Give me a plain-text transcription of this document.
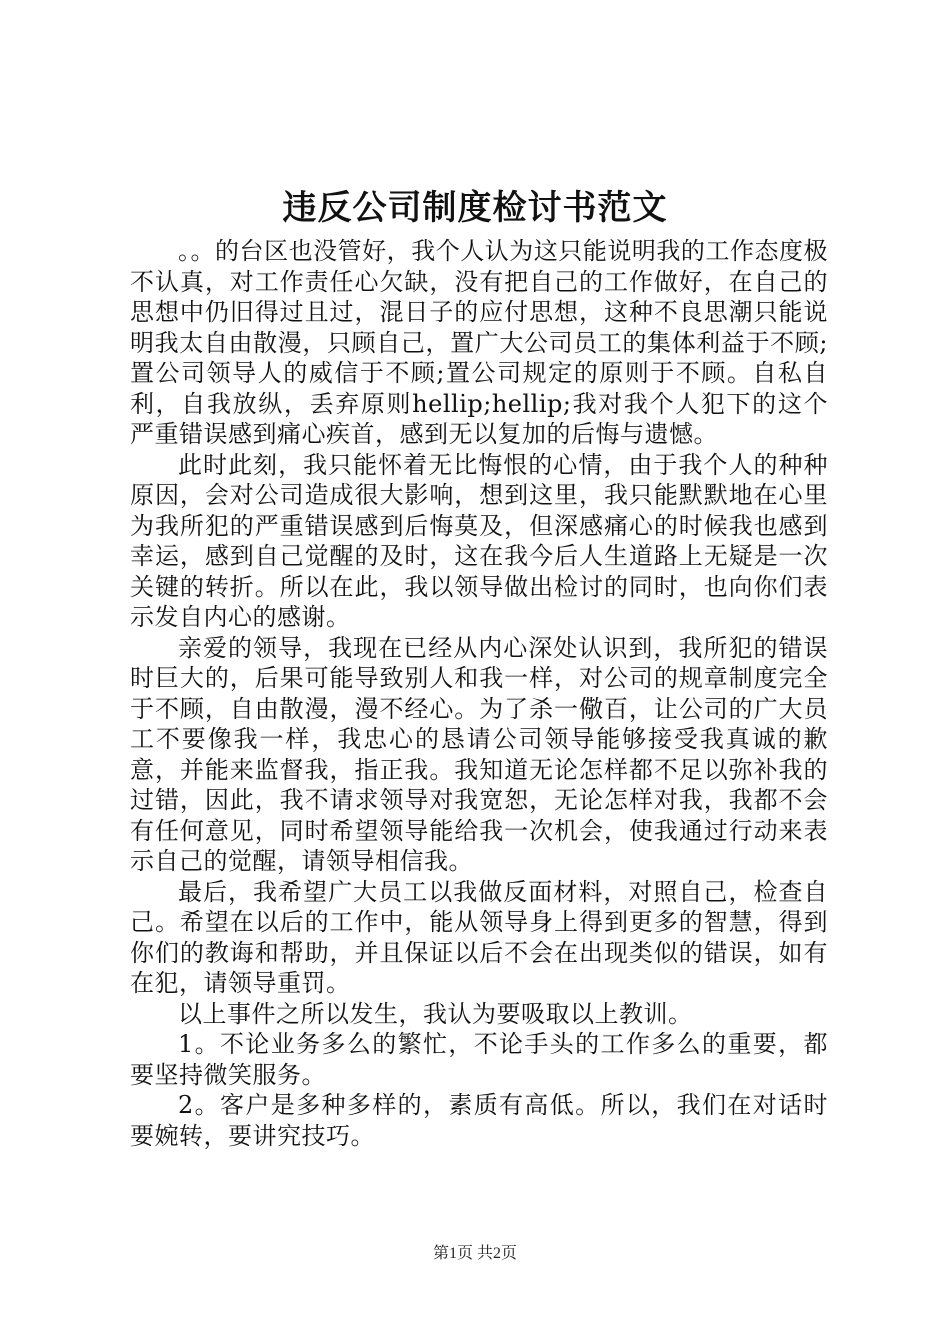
违反公司制度检讨书范文

。。的台区也没管好，我个人认为这只能说明我的工作态度极不认真，对工作责任心欠缺，没有把自己的工作做好，在自己的思想中仍旧得过且过，混日子的应付思想，这种不良思潮只能说明我太自由散漫，只顾自己，置广大公司员工的集体利益于不顾;置公司领导人的威信于不顾;置公司规定的原则于不顾。自私自利，自我放纵，丢弃原则hellip;hellip;我对我个人犯下的这个严重错误感到痛心疾首，感到无以复加的后悔与遗憾。

此时此刻，我只能怀着无比悔恨的心情，由于我个人的种种原因，会对公司造成很大影响，想到这里，我只能默默地在心里为我所犯的严重错误感到后悔莫及，但深感痛心的时候我也感到幸运，感到自己觉醒的及时，这在我今后人生道路上无疑是一次关键的转折。所以在此，我以领导做出检讨的同时，也向你们表示发自内心的感谢。

亲爱的领导，我现在已经从内心深处认识到，我所犯的错误时巨大的，后果可能导致别人和我一样，对公司的规章制度完全于不顾，自由散漫，漫不经心。为了杀一儆百，让公司的广大员工不要像我一样，我忠心的恳请公司领导能够接受我真诚的歉意，并能来监督我，指正我。我知道无论怎样都不足以弥补我的过错，因此，我不请求领导对我宽恕，无论怎样对我，我都不会有任何意见，同时希望领导能给我一次机会，使我通过行动来表示自己的觉醒，请领导相信我。

最后，我希望广大员工以我做反面材料，对照自己，检查自己。希望在以后的工作中，能从领导身上得到更多的智慧，得到你们的教诲和帮助，并且保证以后不会在出现类似的错误，如有在犯，请领导重罚。

以上事件之所以发生，我认为要吸取以上教训。

1。不论业务多么的繁忙，不论手头的工作多么的重要，都要坚持微笑服务。

2。客户是多种多样的，素质有高低。所以，我们在对话时要婉转，要讲究技巧。

第1页 共2页
